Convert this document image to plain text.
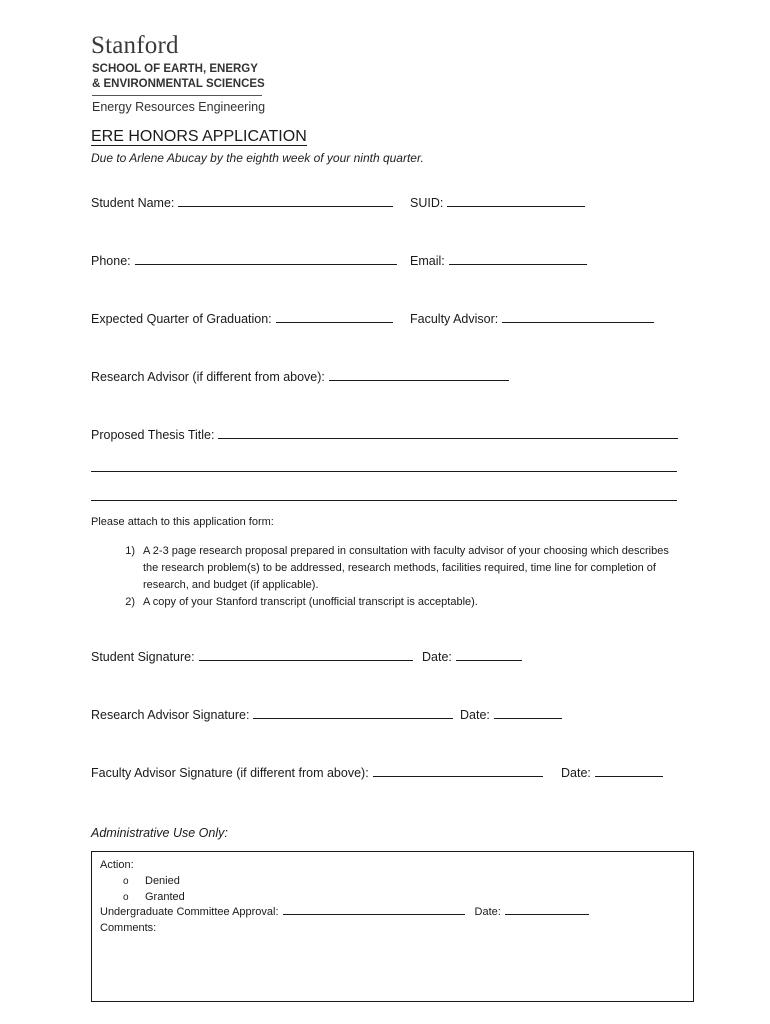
Stanford
SCHOOL OF EARTH, ENERGY
& ENVIRONMENTAL SCIENCES
Energy Resources Engineering
ERE HONORS APPLICATION
Due to Arlene Abucay by the eighth week of your ninth quarter.
Student Name:	SUID:
Phone:	Email:
Expected Quarter of Graduation:	Faculty Advisor:
Research Advisor (if different from above):
Proposed Thesis Title:
Please attach to this application form:
1) A 2-3 page research proposal prepared in consultation with faculty advisor of your choosing which describes the research problem(s) to be addressed, research methods, facilities required, time line for completion of research, and budget (if applicable).
2) A copy of your Stanford transcript (unofficial transcript is acceptable).
Student Signature:	Date:
Research Advisor Signature:	Date:
Faculty Advisor Signature (if different from above):	Date:
Administrative Use Only:
Action:
o Denied
o Granted
Undergraduate Committee Approval:	Date:
Comments:
